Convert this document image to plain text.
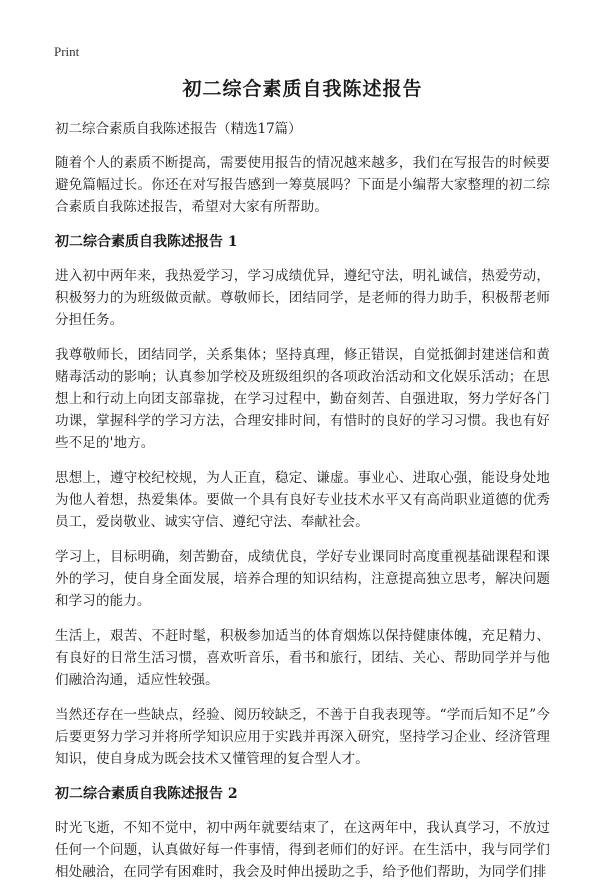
Print
初二综合素质自我陈述报告
初二综合素质自我陈述报告（精选17篇）

随着个人的素质不断提高，需要使用报告的情况越来越多，我们在写报告的时候要避免篇幅过长。你还在对写报告感到一筹莫展吗？下面是小编帮大家整理的初二综合素质自我陈述报告，希望对大家有所帮助。

初二综合素质自我陈述报告 1

进入初中两年来，我热爱学习，学习成绩优异，遵纪守法，明礼诚信，热爱劳动，积极努力的为班级做贡献。尊敬师长，团结同学，是老师的得力助手，积极帮老师分担任务。

我尊敬师长，团结同学，关系集体；坚持真理，修正错误，自觉抵御封建迷信和黄赌毒活动的影响；认真参加学校及班级组织的各项政治活动和文化娱乐活动；在思想上和行动上向团支部靠拢，在学习过程中，勤奋刻苦、自强进取，努力学好各门功课，掌握科学的学习方法，合理安排时间，有惜时的良好的学习习惯。我也有好些不足的'地方。

思想上，遵守校纪校规，为人正直，稳定、谦虚。事业心、进取心强，能设身处地为他人着想，热爱集体。要做一个具有良好专业技术水平又有高尚职业道德的优秀员工，爱岗敬业、诚实守信、遵纪守法、奉献社会。

学习上，目标明确，刻苦勤奋，成绩优良，学好专业课同时高度重视基础课程和课外的学习，使自身全面发展，培养合理的知识结构，注意提高独立思考，解决问题和学习的能力。

生活上，艰苦、不赶时髦，积极参加适当的体育烟炼以保持健康体魄，充足精力、有良好的日常生活习惯，喜欢听音乐，看书和旅行，团结、关心、帮助同学并与他们融洽沟通，适应性较强。

当然还存在一些缺点，经验、阅历较缺乏，不善于自我表现等。“学而后知不足”今后要更努力学习并将所学知识应用于实践并再深入研究，坚持学习企业、经济管理知识，使自身成为既会技术又懂管理的复合型人才。

初二综合素质自我陈述报告 2

时光飞逝，不知不觉中，初中两年就要结束了，在这两年中，我认真学习，不放过任何一个问题，认真做好每一件事情，得到老师们的好评。在生活中，我与同学们相处融洽，在同学有困难时，我会及时伸出援助之手，给予他们帮助，为同学们排
